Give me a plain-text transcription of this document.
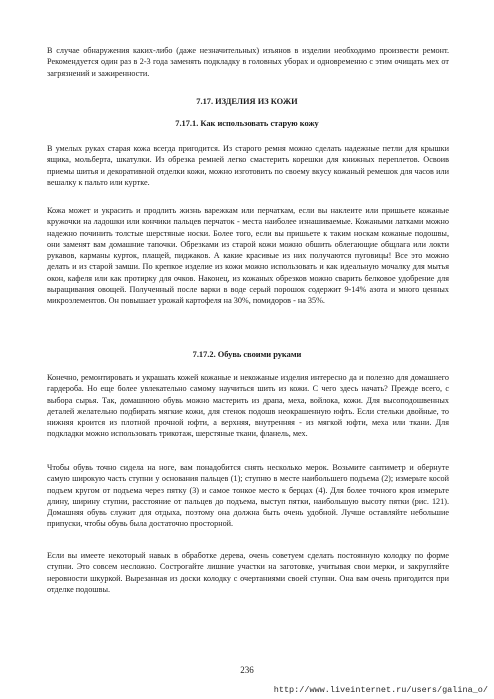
В случае обнаружения каких-либо (даже незначительных) изъянов в изделии необходимо произвести ремонт. Рекомендуется один раз в 2-3 года заменять подкладку в головных уборах и одновременно с этим очищать мех от загрязнений и зажиренности.

7.17. ИЗДЕЛИЯ ИЗ КОЖИ

7.17.1. Как использовать старую кожу

В умелых руках старая кожа всегда пригодится. Из старого ремня можно сделать надежные петли для крышки ящика, мольберта, шкатулки. Из обрезка ремней легко смастерить корешки для книжных переплетов. Освоив приемы шитья и декоративной отделки кожи, можно изготовить по своему вкусу кожаный ремешок для часов или вешалку к пальто или куртке.

Кожа может и украсить и продлить жизнь варежкам или перчаткам, если вы наклеите или пришьете кожаные кружочки на ладошки или кончики пальцев перчаток - места наиболее изнашиваемые. Кожаными латками можно надежно починить толстые шерстяные носки. Более того, если вы пришьете к таким носкам кожаные подошвы, они заменят вам домашние тапочки. Обрезками из старой кожи можно обшить облегающие общлага или локти рукавов, карманы курток, плащей, пиджаков. А какие красивые из них получаются пуговицы! Все это можно делать и из старой замши. По крепкое изделие из кожи можно использовать и как идеальную мочалку для мытья окон, кафеля или как протирку для очков. Наконец, из кожаных обрезков можно сварить белковое удобрение для выращивания овощей. Полученный после варки в воде серый порошок содержит 9-14% азота и много ценных микроэлементов. Он повышает урожай картофеля на 30%, помидоров - на 35%.

7.17.2. Обувь своими руками

Конечно, ремонтировать и украшать кожей кожаные и некожаные изделия интересно да и полезно для домашнего гардероба. Но еще более увлекательно самому научиться шить из кожи. С чего здесь начать? Прежде всего, с выбора сырья. Так, домашнюю обувь можно мастерить из драпа, меха, войлока, кожи. Для высоподошвенных деталей желательно подбирать мягкие кожи, для стенок подошв неокрашенную юфть. Если стельки двойные, то нижняя кроится из плотной прочной юфти, а верхняя, внутренняя - из мягкой юфти, меха или ткани. Для подкладки можно использовать трикотаж, шерстяные ткани, фланель, мех.

Чтобы обувь точно сидела на ноге, вам понадобится снять несколько мерок. Возьмите сантиметр и обернуте самую широкую часть ступни у основания пальцев (1); ступню в месте наибольшего подъема (2); измерьте косой подъем кругом от подъема через пятку (3) и самое тонкое место к берцах (4). Для более точного кроя измерьте длину, ширину ступни, расстояние от пальцев до подъема, выступ пятки, наибольшую высоту пятки (рис. 121). Домашняя обувь служит для отдыха, поэтому она должна быть очень удобной. Лучше оставляйте небольшие припуски, чтобы обувь была достаточно просторной.

Если вы имеете некоторый навык в обработке дерева, очень советуем сделать постоянную колодку по форме ступни. Это совсем несложно. Сострогайте лишние участки на заготовке, учитывая свои мерки, и закругляйте неровности шкуркой. Вырезанная из доски колодку с очертаниями своей ступни. Она вам очень пригодится при отделке подошвы.

236
http://www.liveinternet.ru/users/galina_o/
